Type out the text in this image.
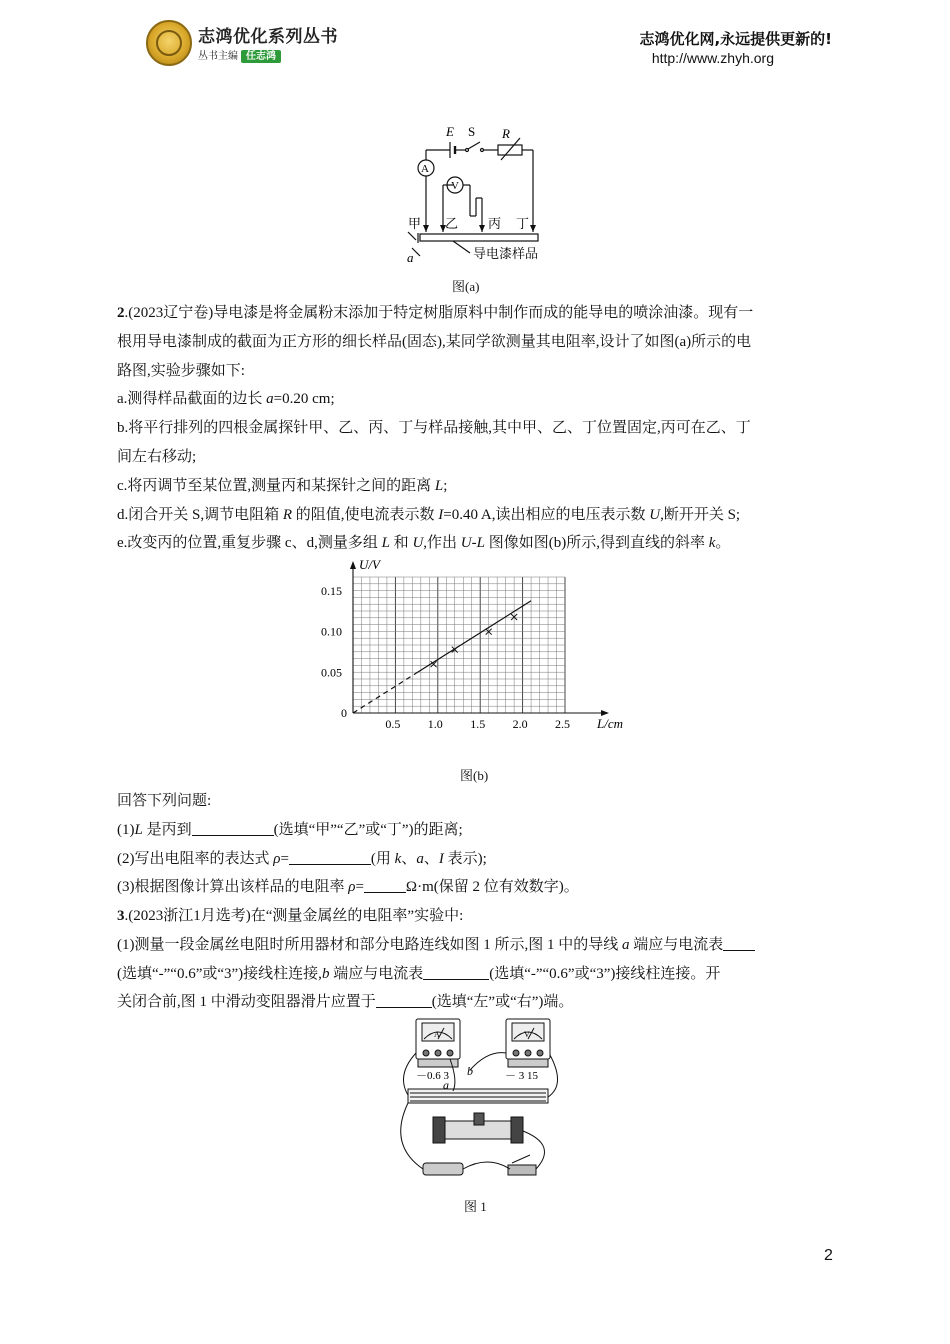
志鸿优化系列丛书
丛书主编 任志鸿
志鸿优化网,永远提供更新的!
http://www.zhyh.org
E S R
A
V
甲 乙 丙 丁
a	导电漆样品
图(a)

2.(2023辽宁卷)导电漆是将金属粉末添加于特定树脂原料中制作而成的能导电的喷涂油漆。现有一

根用导电漆制成的截面为正方形的细长样品(固态),某同学欲测量其电阻率,设计了如图(a)所示的电

路图,实验步骤如下:

a.测得样品截面的边长 a=0.20 cm;

b.将平行排列的四根金属探针甲、乙、丙、丁与样品接触,其中甲、乙、丁位置固定,丙可在乙、丁

间左右移动;

c.将丙调节至某位置,测量丙和某探针之间的距离 L;

d.闭合开关 S,调节电阻箱 R 的阻值,使电流表示数 I=0.40 A,读出相应的电压表示数 U,断开开关 S;

e.改变丙的位置,重复步骤 c、d,测量多组 L 和 U,作出 U-L 图像如图(b)所示,得到直线的斜率 k。

0.5 1.0 1.5 2.0 2.5
0.05
0.10
0.15
U/V
L/cm
0
图(b)

回答下列问题:

(1)L 是丙到	(选填“甲”“乙”或“丁”)的距离;

(2)写出电阻率的表达式 ρ=	(用 k、a、I 表示);

(3)根据图像计算出该样品的电阻率 ρ=	Ω·m(保留 2 位有效数字)。

3.(2023浙江1月选考)在“测量金属丝的电阻率”实验中:

(1)测量一段金属丝电阻时所用器材和部分电路连线如图 1 所示,图 1 中的导线 a 端应与电流表

(选填“-”“0.6”或“3”)接线柱连接,b 端应与电流表	(选填“-”“0.6”或“3”)接线柱连接。开

关闭合前,图 1 中滑动变阻器滑片应置于	(选填“左”或“右”)端。

A	V
－0.6 3	－ 3 15
a
b
图 1
2
